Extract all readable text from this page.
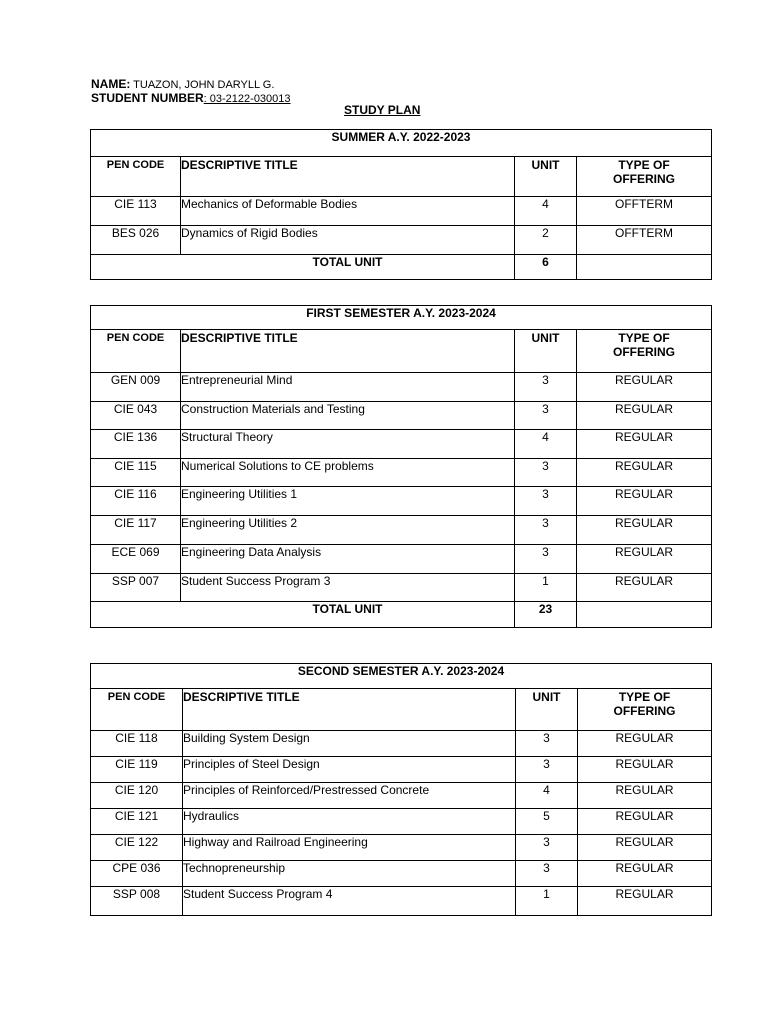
NAME: TUAZON, JOHN DARYLL G.
STUDENT NUMBER: 03-2122-030013
STUDY PLAN
SUMMER A.Y. 2022-2023			
PEN CODE	DESCRIPTIVE TITLE	UNIT	TYPE OF
OFFERING
CIE 113	Mechanics of Deformable Bodies	4	OFFTERM
BES 026	Dynamics of Rigid Bodies	2	OFFTERM
TOTAL UNIT		6	
FIRST SEMESTER A.Y. 2023-2024			
PEN CODE	DESCRIPTIVE TITLE	UNIT	TYPE OF
OFFERING
GEN 009	Entrepreneurial Mind	3	REGULAR
CIE 043	Construction Materials and Testing	3	REGULAR
CIE 136	Structural Theory	4	REGULAR
CIE 115	Numerical Solutions to CE problems	3	REGULAR
CIE 116	Engineering Utilities 1	3	REGULAR
CIE 117	Engineering Utilities 2	3	REGULAR
ECE 069	Engineering Data Analysis	3	REGULAR
SSP 007	Student Success Program 3	1	REGULAR
TOTAL UNIT		23	
SECOND SEMESTER A.Y. 2023-2024			
PEN CODE	DESCRIPTIVE TITLE	UNIT	TYPE OF
OFFERING
CIE 118	Building System Design	3	REGULAR
CIE 119	Principles of Steel Design	3	REGULAR
CIE 120	Principles of Reinforced/Prestressed Concrete	4	REGULAR
CIE 121	Hydraulics	5	REGULAR
CIE 122	Highway and Railroad Engineering	3	REGULAR
CPE 036	Technopreneurship	3	REGULAR
SSP 008	Student Success Program 4	1	REGULAR
